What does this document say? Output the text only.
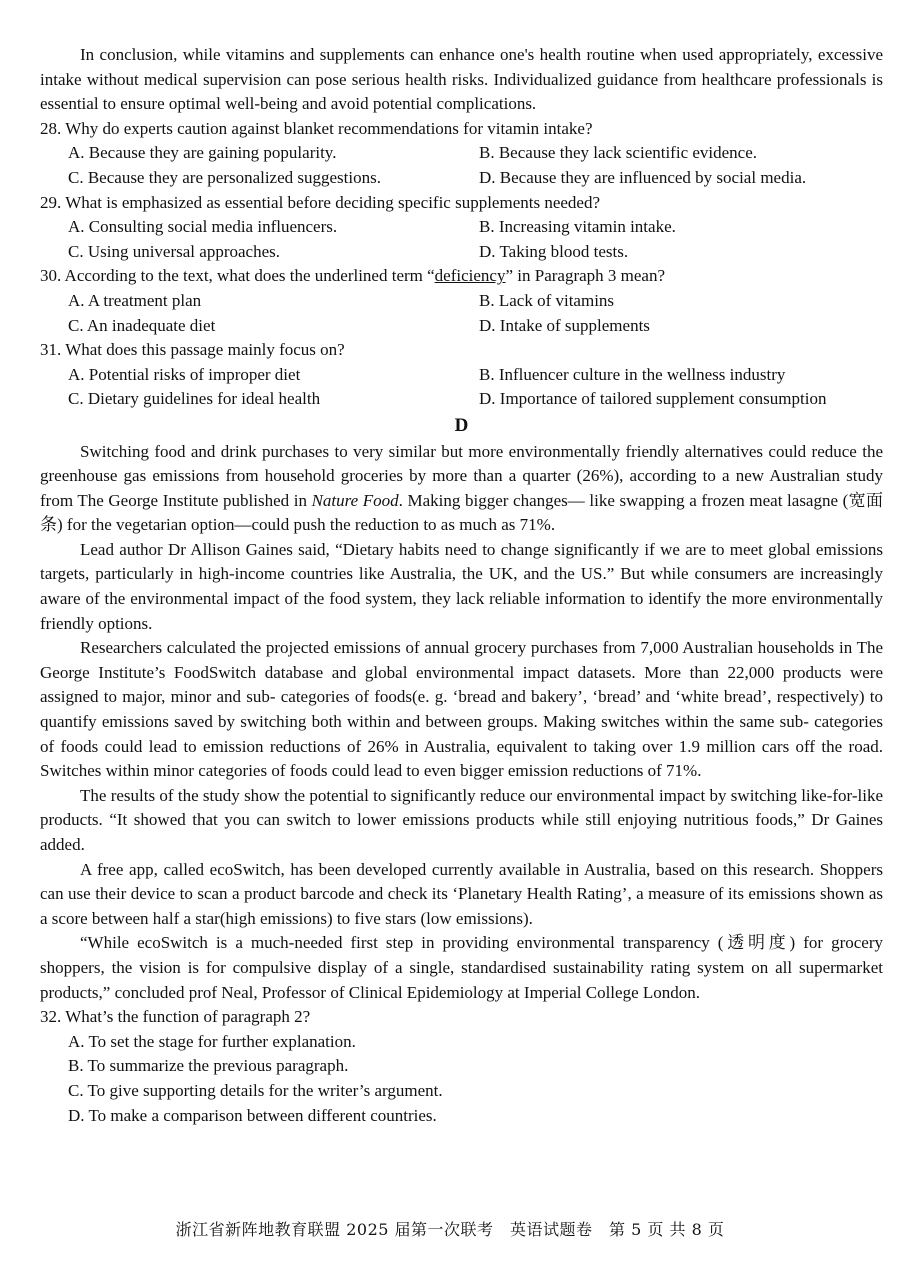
In conclusion, while vitamins and supplements can enhance one's health routine when used appropriately, excessive intake without medical supervision can pose serious health risks. Individualized guidance from healthcare professionals is essential to ensure optimal well-being and avoid potential complications.

28. Why do experts caution against blanket recommendations for vitamin intake?
A. Because they are gaining popularity.	B. Because they lack scientific evidence.
C. Because they are personalized suggestions.	D. Because they are influenced by social media.
29. What is emphasized as essential before deciding specific supplements needed?
A. Consulting social media influencers.	B. Increasing vitamin intake.
C. Using universal approaches.	D. Taking blood tests.
30. According to the text, what does the underlined term “deficiency” in Paragraph 3 mean?
A. A treatment plan	B. Lack of vitamins
C. An inadequate diet	D. Intake of supplements
31. What does this passage mainly focus on?
A. Potential risks of improper diet	B. Influencer culture in the wellness industry
C. Dietary guidelines for ideal health	D. Importance of tailored supplement consumption
D

Switching food and drink purchases to very similar but more environmentally friendly alternatives could reduce the greenhouse gas emissions from household groceries by more than a quarter (26%), according to a new Australian study from The George Institute published in Nature Food. Making bigger changes— like swapping a frozen meat lasagne (宽面条) for the vegetarian option—could push the reduction to as much as 71%.

Lead author Dr Allison Gaines said, “Dietary habits need to change significantly if we are to meet global emissions targets, particularly in high-income countries like Australia, the UK, and the US.” But while consumers are increasingly aware of the environmental impact of the food system, they lack reliable information to identify the more environmentally friendly options.

Researchers calculated the projected emissions of annual grocery purchases from 7,000 Australian households in The George Institute’s FoodSwitch database and global environmental impact datasets. More than 22,000 products were assigned to major, minor and sub- categories of foods(e. g. ‘bread and bakery’, ‘bread’ and ‘white bread’, respectively) to quantify emissions saved by switching both within and between groups. Making switches within the same sub- categories of foods could lead to emission reductions of 26% in Australia, equivalent to taking over 1.9 million cars off the road. Switches within minor categories of foods could lead to even bigger emission reductions of 71%.

The results of the study show the potential to significantly reduce our environmental impact by switching like-for-like products. “It showed that you can switch to lower emissions products while still enjoying nutritious foods,” Dr Gaines added.

A free app, called ecoSwitch, has been developed currently available in Australia, based on this research. Shoppers can use their device to scan a product barcode and check its ‘Planetary Health Rating’, a measure of its emissions shown as a score between half a star(high emissions) to five stars (low emissions).

“While ecoSwitch is a much-needed first step in providing environmental transparency (透明度) for grocery shoppers, the vision is for compulsive display of a single, standardised sustainability rating system on all supermarket products,” concluded prof Neal, Professor of Clinical Epidemiology at Imperial College London.

32. What’s the function of paragraph 2?
A. To set the stage for further explanation.
B. To summarize the previous paragraph.
C. To give supporting details for the writer’s argument.
D. To make a comparison between different countries.
浙江省新阵地教育联盟 2025 届第一次联考　英语试题卷　第 5 页 共 8 页
